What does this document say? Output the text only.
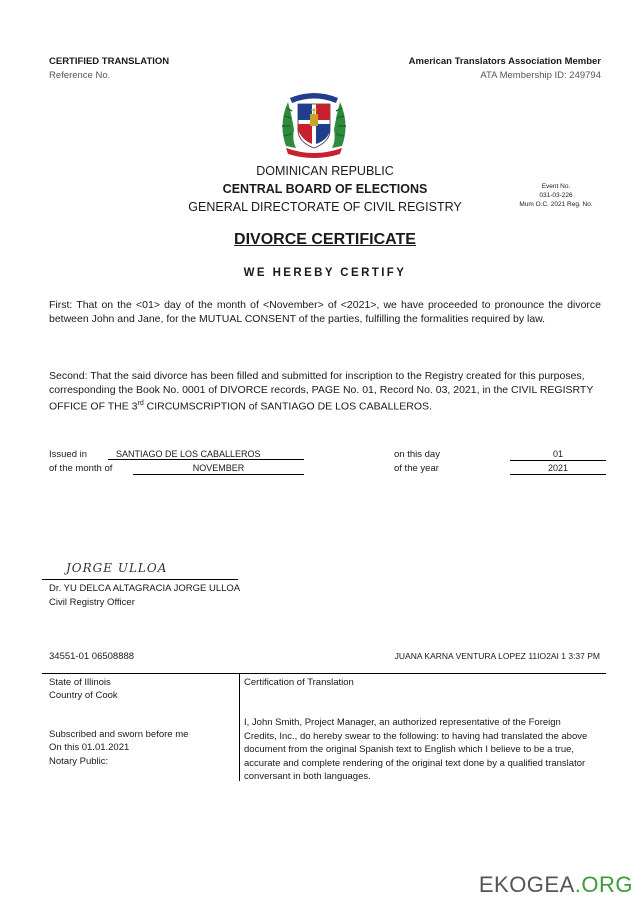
CERTIFIED TRANSLATION
Reference No.
American Translators Association Member
ATA Membership ID: 249794
DOMINICAN REPUBLIC
CENTRAL BOARD OF ELECTIONS
GENERAL DIRECTORATE OF CIVIL REGISTRY
Event No.
031-03-226
Mum O.C. 2021 Reg. No.
DIVORCE CERTIFICATE
WE HEREBY CERTIFY
First: That on the <01> day of the month of <November> of <2021>, we have proceeded to pronounce the divorce between John and Jane, for the MUTUAL CONSENT of the parties, fulfilling the formalities required by law.
Second: That the said divorce has been filled and submitted for inscription to the Registry created for this purposes, corresponding the Book No. 0001 of DIVORCE records, PAGE No. 01, Record No. 03, 2021, in the CIVIL REGISRTY OFFICE OF THE 3rd CIRCUMSCRIPTION of SANTIAGO DE LOS CABALLEROS.
Issued in	SANTIAGO DE LOS CABALLEROS
of the month of	NOVEMBER
on this day	01
of the year	2021
JORGE ULLOA
Dr. YU DELCA ALTAGRACIA JORGE ULLOA
Civil Registry Officer
34551-01 06508888	JUANA KARNA VENTURA LOPEZ 11IO2AI 1 3:37 PM
State of Illinois
Country of Cook
Subscribed and sworn before me
On this 01.01.2021
Notary Public:
Certification of Translation
I, John Smith, Project Manager, an authorized representative of the Foreign Credits, Inc., do hereby swear to the following: to having had translated the above document from the original Spanish text to English which I believe to be a true, accurate and complete rendering of the original text done by a qualified translator conversant in both languages.
EKOGEA.ORG
